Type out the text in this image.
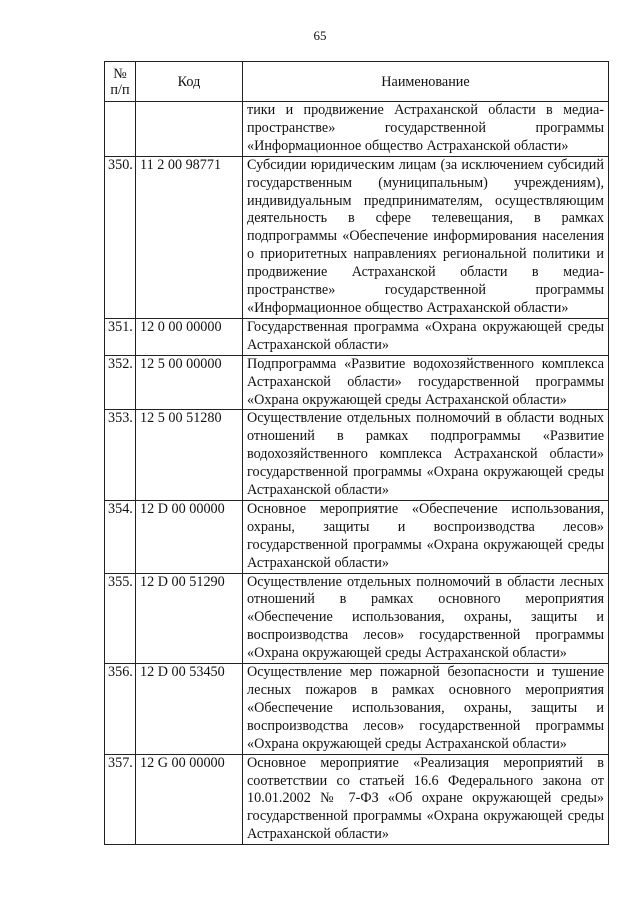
65
№ п/п	Код	Наименование
		тики и продвижение Астраханской области в медиа-пространстве» государственной программы «Информационное общество Астраханской области»
350.	11 2 00 98771	Субсидии юридическим лицам (за исключением субсидий государственным (муниципальным) учреждениям), индивидуальным предпринимателям, осуществляющим деятельность в сфере телевещания, в рамках подпрограммы «Обеспечение информирования населения о приоритетных направлениях региональной политики и продвижение Астраханской области в медиа-пространстве» государственной программы «Информационное общество Астраханской области»
351.	12 0 00 00000	Государственная программа «Охрана окружающей среды Астраханской области»
352.	12 5 00 00000	Подпрограмма «Развитие водохозяйственного комплекса Астраханской области» государственной программы «Охрана окружающей среды Астраханской области»
353.	12 5 00 51280	Осуществление отдельных полномочий в области водных отношений в рамках подпрограммы «Развитие водохозяйственного комплекса Астраханской области» государственной программы «Охрана окружающей среды Астраханской области»
354.	12 D 00 00000	Основное мероприятие «Обеспечение использования, охраны, защиты и воспроизводства лесов» государственной программы «Охрана окружающей среды Астраханской области»
355.	12 D 00 51290	Осуществление отдельных полномочий в области лесных отношений в рамках основного мероприятия «Обеспечение использования, охраны, защиты и воспроизводства лесов» государственной программы «Охрана окружающей среды Астраханской области»
356.	12 D 00 53450	Осуществление мер пожарной безопасности и тушение лесных пожаров в рамках основного мероприятия «Обеспечение использования, охраны, защиты и воспроизводства лесов» государственной программы «Охрана окружающей среды Астраханской области»
357.	12 G 00 00000	Основное мероприятие «Реализация мероприятий в соответствии со статьей 16.6 Федерального закона от 10.01.2002 № 7-ФЗ «Об охране окружающей среды» государственной программы «Охрана окружающей среды Астраханской области»
